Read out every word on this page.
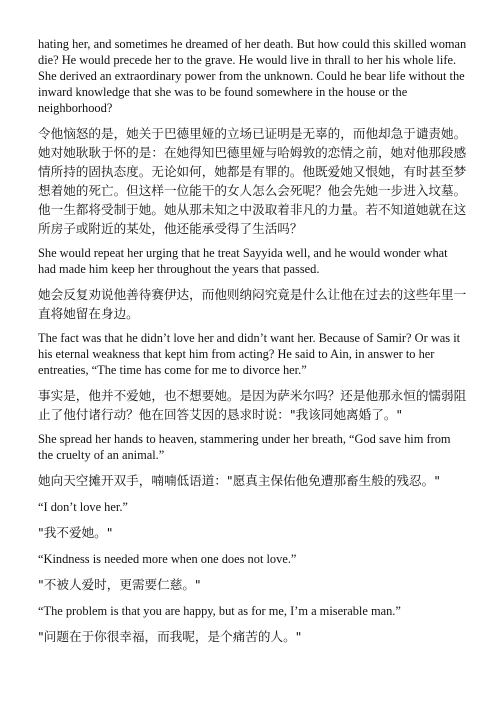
hating her, and sometimes he dreamed of her death. But how could this skilled woman die? He would precede her to the grave. He would live in thrall to her his whole life. She derived an extraordinary power from the unknown. Could he bear life without the inward knowledge that she was to be found somewhere in the house or the neighborhood?

令他恼怒的是，她关于巴德里娅的立场已证明是无辜的，而他却急于谴责她。她对她耿耿于怀的是：在她得知巴德里娅与哈姆敦的恋情之前，她对他那段感情所持的固执态度。无论如何，她都是有罪的。他既爱她又恨她，有时甚至梦想着她的死亡。但这样一位能干的女人怎么会死呢？他会先她一步进入坟墓。他一生都将受制于她。她从那未知之中汲取着非凡的力量。若不知道她就在这所房子或附近的某处，他还能承受得了生活吗？

She would repeat her urging that he treat Sayyida well, and he would wonder what had made him keep her throughout the years that passed.

她会反复劝说他善待赛伊达，而他则纳闷究竟是什么让他在过去的这些年里一直将她留在身边。

The fact was that he didn’t love her and didn’t want her. Because of Samir? Or was it his eternal weakness that kept him from acting? He said to Ain, in answer to her entreaties, “The time has come for me to divorce her.”

事实是，他并不爱她，也不想要她。是因为萨米尔吗？还是他那永恒的懦弱阻止了他付诸行动？他在回答艾因的恳求时说："我该同她离婚了。"

She spread her hands to heaven, stammering under her breath, “God save him from the cruelty of an animal.”

她向天空摊开双手，喃喃低语道："愿真主保佑他免遭那畜生般的残忍。"

“I don’t love her.”

"我不爱她。"

“Kindness is needed more when one does not love.”

"不被人爱时，更需要仁慈。"

“The problem is that you are happy, but as for me, I’m a miserable man.”

"问题在于你很幸福，而我呢，是个痛苦的人。"
